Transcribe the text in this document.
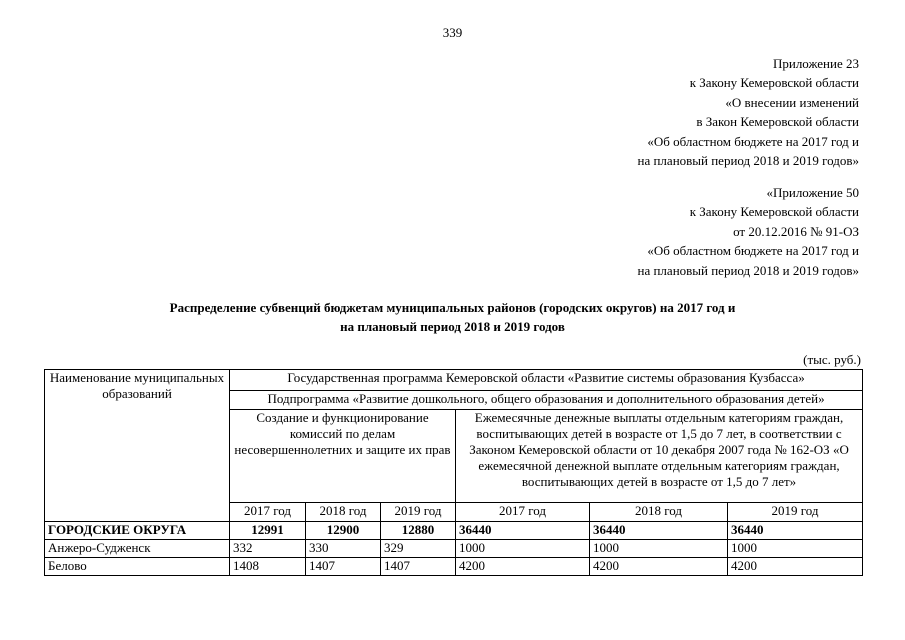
339
Приложение 23
к Закону Кемеровской области
«О внесении изменений
в Закон Кемеровской области
«Об областном бюджете на 2017 год и
на плановый период 2018 и 2019 годов»
«Приложение 50
к Закону Кемеровской области
от 20.12.2016 № 91-ОЗ
«Об областном бюджете на 2017 год и
на плановый период 2018 и 2019 годов»
Распределение субвенций бюджетам муниципальных районов (городских округов) на 2017 год и
на плановый период 2018 и 2019 годов
(тыс. руб.)
Наименование муниципальных образований	Государственная программа Кемеровской области «Развитие системы образования Кузбасса»					
	Подпрограмма «Развитие дошкольного, общего образования и дополнительного образования детей»					
	Создание и функционирование комиссий по делам несовершеннолетних и защите их прав			Ежемесячные денежные выплаты отдельным категориям граждан, воспитывающих детей в возрасте от 1,5 до 7 лет, в соответствии с Законом Кемеровской области от 10 декабря 2007 года № 162-ОЗ «О ежемесячной денежной выплате отдельным категориям граждан, воспитывающих детей в возрасте от 1,5 до 7 лет»		
	2017 год	2018 год	2019 год	2017 год	2018 год	2019 год
ГОРОДСКИЕ ОКРУГА	12991	12900	12880	36440	36440	36440
Анжеро-Судженск	332	330	329	1000	1000	1000
Белово	1408	1407	1407	4200	4200	4200
